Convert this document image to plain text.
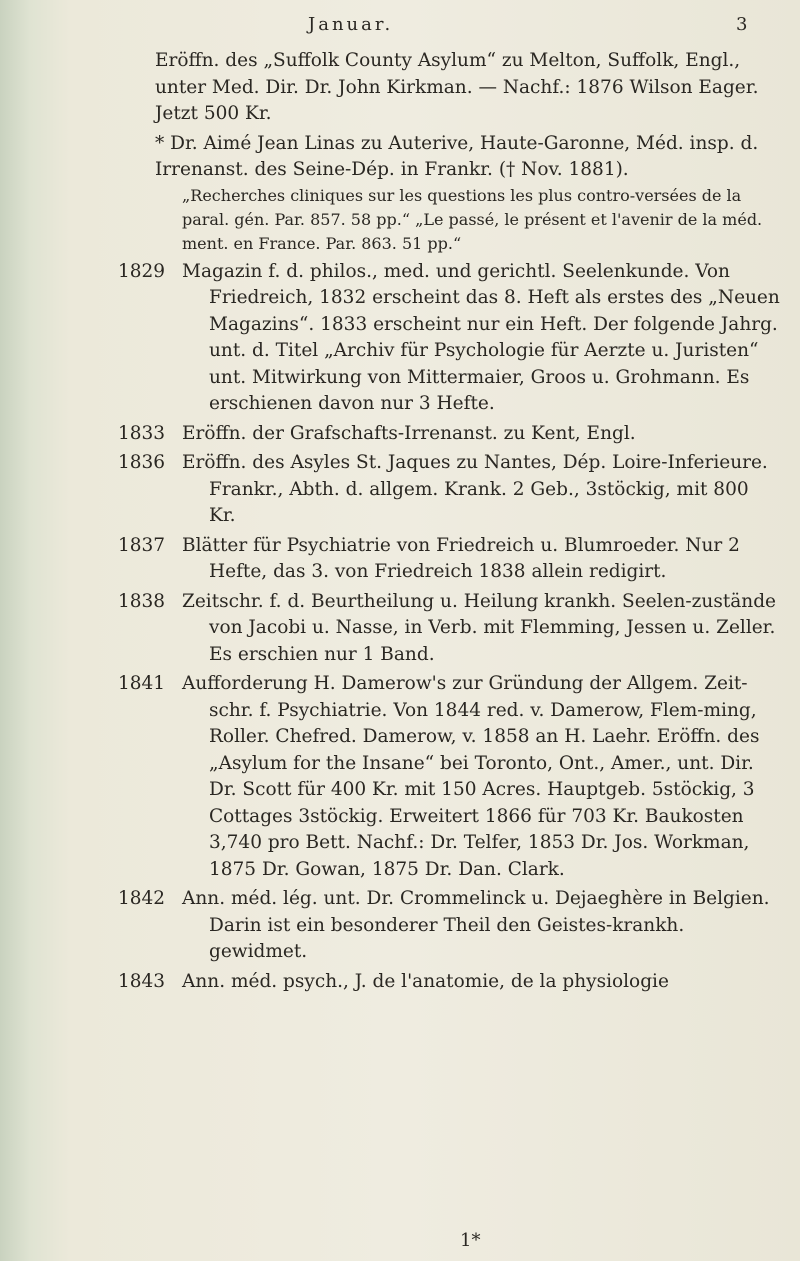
Januar.	3

Eröffn. des „Suffolk County Asylum“ zu Melton, Suffolk, Engl., unter Med. Dir. Dr. John Kirkman. — Nachf.: 1876 Wilson Eager. Jetzt 500 Kr.

* Dr. Aimé Jean Linas zu Auterive, Haute-Garonne, Méd. insp. d. Irrenanst. des Seine-Dép. in Frankr. († Nov. 1881).

„Recherches cliniques sur les questions les plus contro-versées de la paral. gén. Par. 857. 58 pp.“ „Le passé, le présent et l'avenir de la méd. ment. en France. Par. 863. 51 pp.“
1829 Magazin f. d. philos., med. und gerichtl. Seelenkunde. Von Friedreich, 1832 erscheint das 8. Heft als erstes des „Neuen Magazins“. 1833 erscheint nur ein Heft. Der folgende Jahrg. unt. d. Titel „Archiv für Psychologie für Aerzte u. Juristen“ unt. Mitwirkung von Mittermaier, Groos u. Grohmann. Es erschienen davon nur 3 Hefte.

1833 Eröffn. der Grafschafts-Irrenanst. zu Kent, Engl.

1836 Eröffn. des Asyles St. Jaques zu Nantes, Dép. Loire-Inferieure. Frankr., Abth. d. allgem. Krank. 2 Geb., 3stöckig, mit 800 Kr.

1837 Blätter für Psychiatrie von Friedreich u. Blumroeder. Nur 2 Hefte, das 3. von Friedreich 1838 allein redigirt.

1838 Zeitschr. f. d. Beurtheilung u. Heilung krankh. Seelen-zustände von Jacobi u. Nasse, in Verb. mit Flemming, Jessen u. Zeller. Es erschien nur 1 Band.

1841 Aufforderung H. Damerow's zur Gründung der Allgem. Zeit-schr. f. Psychiatrie. Von 1844 red. v. Damerow, Flem-ming, Roller. Chefred. Damerow, v. 1858 an H. Laehr. Eröffn. des „Asylum for the Insane“ bei Toronto, Ont., Amer., unt. Dir. Dr. Scott für 400 Kr. mit 150 Acres. Hauptgeb. 5stöckig, 3 Cottages 3stöckig. Erweitert 1866 für 703 Kr. Baukosten 3,740 pro Bett. Nachf.: Dr. Telfer, 1853 Dr. Jos. Workman, 1875 Dr. Gowan, 1875 Dr. Dan. Clark.

1842 Ann. méd. lég. unt. Dr. Crommelinck u. Dejaeghère in Belgien. Darin ist ein besonderer Theil den Geistes-krankh. gewidmet.

1843 Ann. méd. psych., J. de l'anatomie, de la physiologie

1*
